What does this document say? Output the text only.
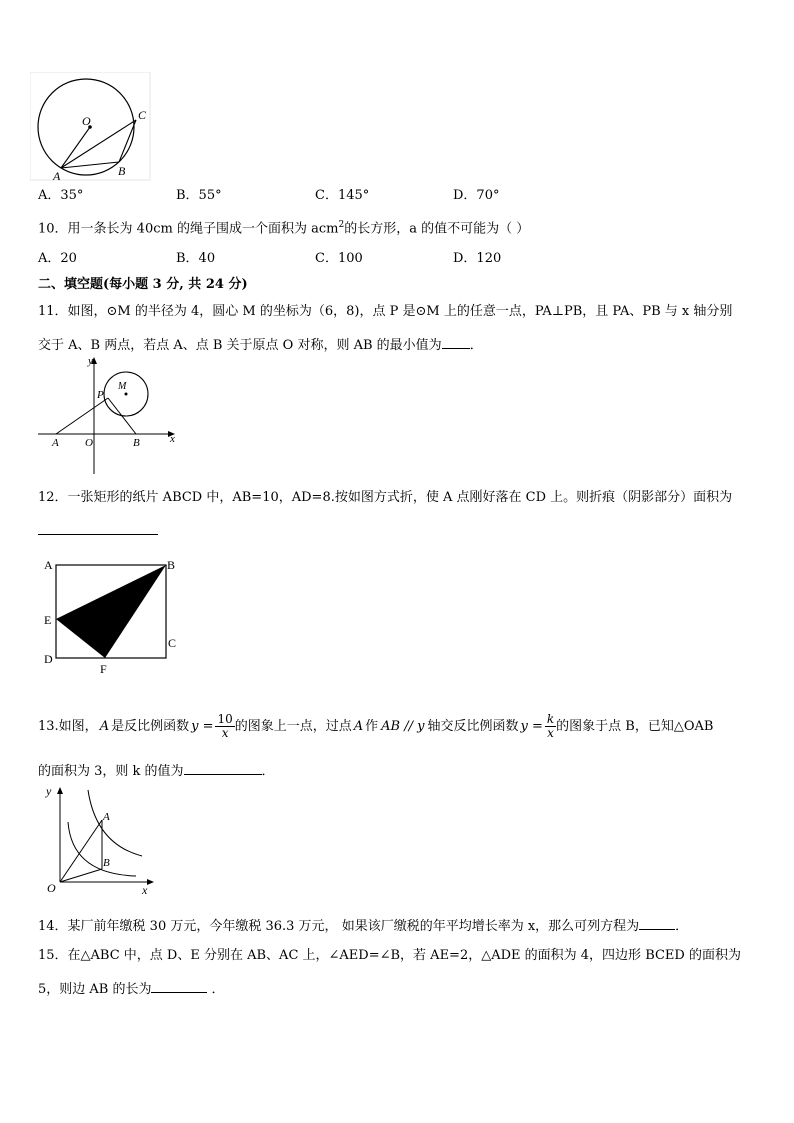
O	C
A	B
A．35°	B．55°	C．145°	D．70°
10．用一条长为 40cm 的绳子围成一个面积为 acm$^2$的长方形，a 的值不可能为（ ）
A．20	B．40	C．100	D．120
二、填空题(每小题 3 分, 共 24 分)
11．如图，⊙M 的半径为 4，圆心 M 的坐标为（6，8)，点 P 是⊙M 上的任意一点，PA⊥PB，且 PA、PB 与 x 轴分别
交于 A、B 两点，若点 A、点 B 关于原点 O 对称，则 AB 的最小值为 ．
y
x
M
P
A O	B
12．一张矩形的纸片 ABCD 中，AB=10，AD=8.按如图方式折，使 A 点刚好落在 CD 上。则折痕（阴影部分）面积为
A	B
E
C
D
F
13.如图， A 是反比例函数 $y = \frac{10}{x}$ 的图象上一点，过点 A 作 AB // y 轴交反比例函数 $y = \frac{k}{x}$ 的图象于点 B，已知△OAB
的面积为 3，则 k 的值为	．
y
x
O
A
B
14．某厂前年缴税 30 万元，今年缴税 36.3 万元， 如果该厂缴税的年平均增长率为 x，那么可列方程为	．
15．在△ABC 中，点 D、E 分别在 AB、AC 上，∠AED=∠B，若 AE=2，△ADE 的面积为 4，四边形 BCED 的面积为
5，则边 AB 的长为	．
